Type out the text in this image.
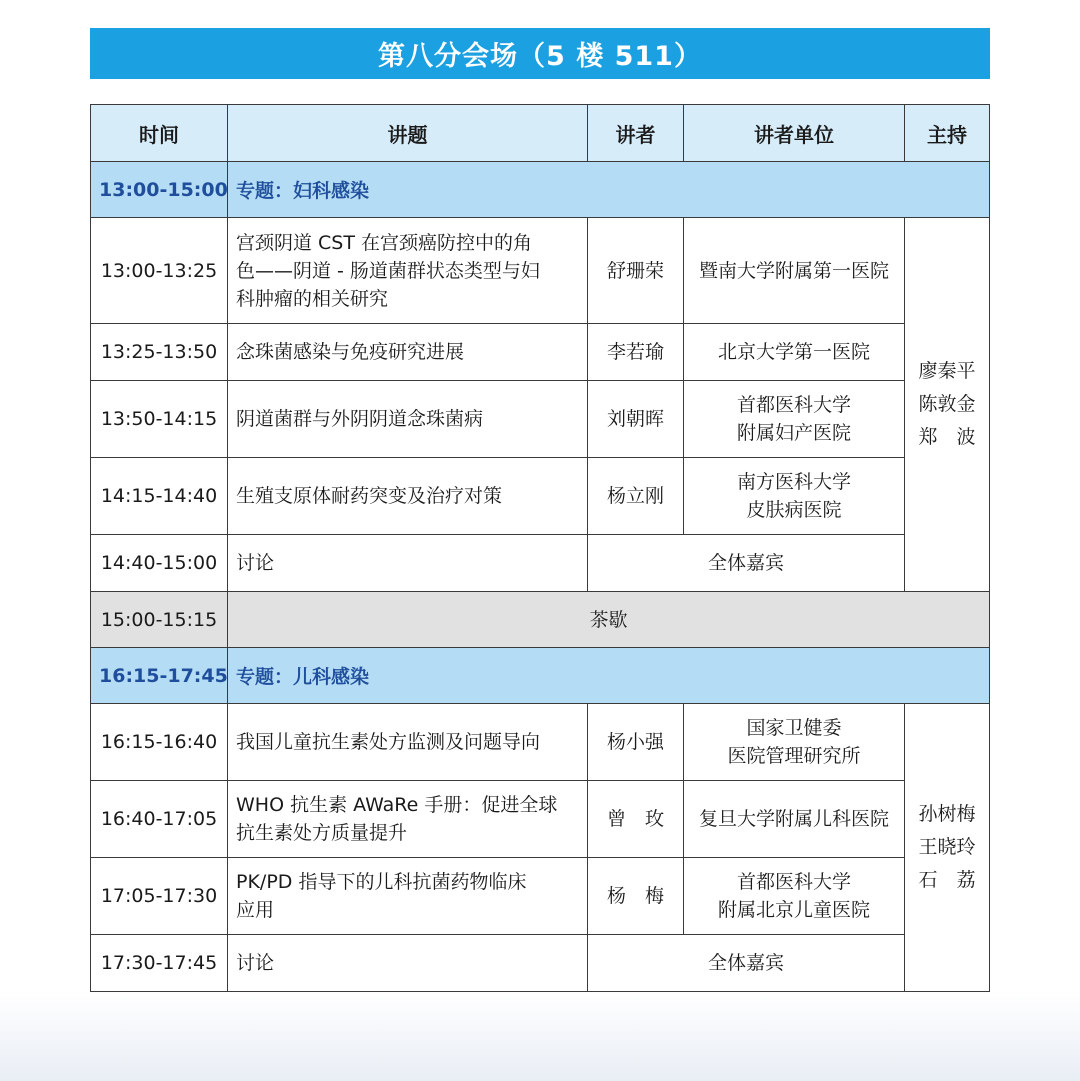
第八分会场（5 楼 511）
时间	讲题	讲者	讲者单位	主持
13:00-15:00	专题：妇科感染			
13:00-13:25	宫颈阴道 CST 在宫颈癌防控中的角
色——阴道 - 肠道菌群状态类型与妇
科肿瘤的相关研究	舒珊荣	暨南大学附属第一医院	廖秦平
陈敦金
郑　波

13:25-13:50	念珠菌感染与免疫研究进展	李若瑜	北京大学第一医院	

13:50-14:15	阴道菌群与外阴阴道念珠菌病	刘朝晖	首都医科大学
附属妇产医院	

14:15-14:40	生殖支原体耐药突变及治疗对策	杨立刚	南方医科大学
皮肤病医院	

14:40-15:00	讨论	全体嘉宾		
15:00-15:15	茶歇			
16:15-17:45	专题：儿科感染			
16:15-16:40	我国儿童抗生素处方监测及问题导向	杨小强	国家卫健委
医院管理研究所	孙树梅
王晓玲
石　荔

16:40-17:05	WHO 抗生素 AWaRe 手册：促进全球
抗生素处方质量提升	曾　玫	复旦大学附属儿科医院	

17:05-17:30	PK/PD 指导下的儿科抗菌药物临床
应用	杨　梅	首都医科大学
附属北京儿童医院	

17:30-17:45	讨论	全体嘉宾		
